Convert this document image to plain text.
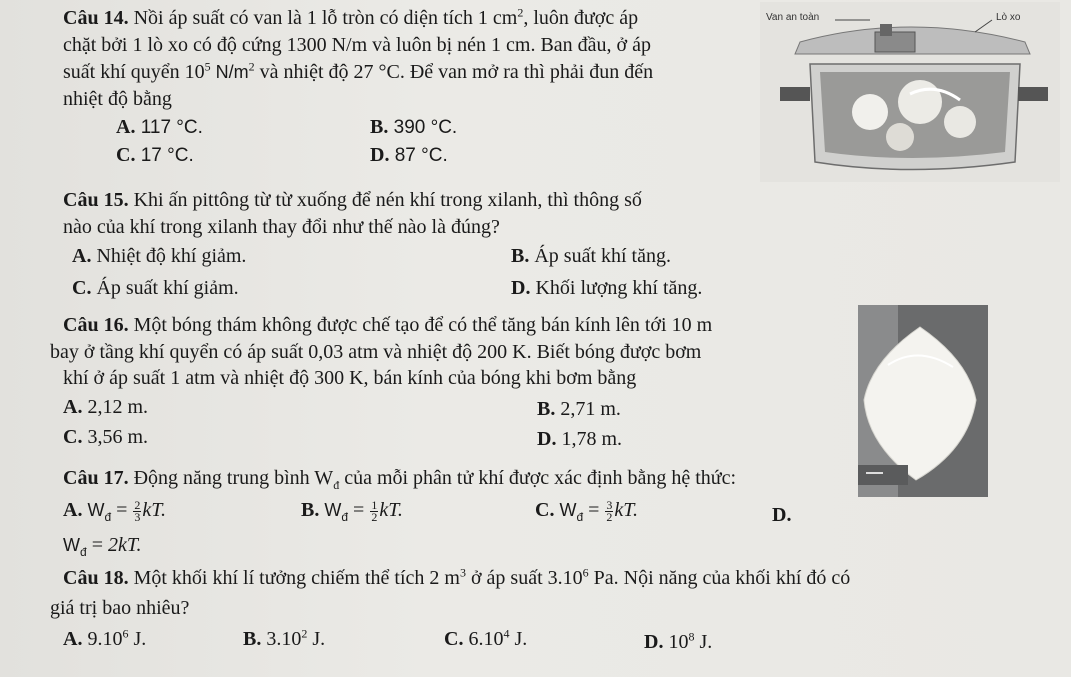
Câu 14. Nồi áp suất có van là 1 lỗ tròn có diện tích 1 $cm^2$, luôn được áp
chặt bởi 1 lò xo có độ cứng 1300 N/m và luôn bị nén 1 cm. Ban đầu, ở áp
suất khí quyển $10^5$ $N/m^2$ và nhiệt độ 27 °C. Để van mở ra thì phải đun đến
nhiệt độ bằng
A. 117 °C.	B. 390 °C.
C. 17 °C.	D. 87 °C.
Van an toàn	Lò xo
Câu 15. Khi ấn pittông từ từ xuống để nén khí trong xilanh, thì thông số
nào của khí trong xilanh thay đổi như thế nào là đúng?
A. Nhiệt độ khí giảm.	B. Áp suất khí tăng.
C. Áp suất khí giảm.	D. Khối lượng khí tăng.
Câu 16. Một bóng thám không được chế tạo để có thể tăng bán kính lên tới 10 m
bay ở tầng khí quyển có áp suất 0,03 atm và nhiệt độ 200 K. Biết bóng được bơm
khí ở áp suất 1 atm và nhiệt độ 300 K, bán kính của bóng khi bơm bằng
A. 2,12 m.	B. 2,71 m.
C. 3,56 m.	D. 1,78 m.
Câu 17. Động năng trung bình $W_đ$ của mỗi phân tử khí được xác định bằng hệ thức:
A. $W_đ = \frac{2}{3}$ kT.	B. $W_đ = \frac{1}{2}$ kT.	C. $W_đ = \frac{3}{2}$ kT.	D.
$W_đ = 2kT$.
Câu 18. Một khối khí lí tưởng chiếm thể tích 2 $m^3$ ở áp suất 3.10$^6$ Pa. Nội năng của khối khí đó có
giá trị bao nhiêu?
A. 9.10$^6$ J.	B. 3.10$^2$ J.	C. 6.10$^4$ J.	D. $10^8$ J.
